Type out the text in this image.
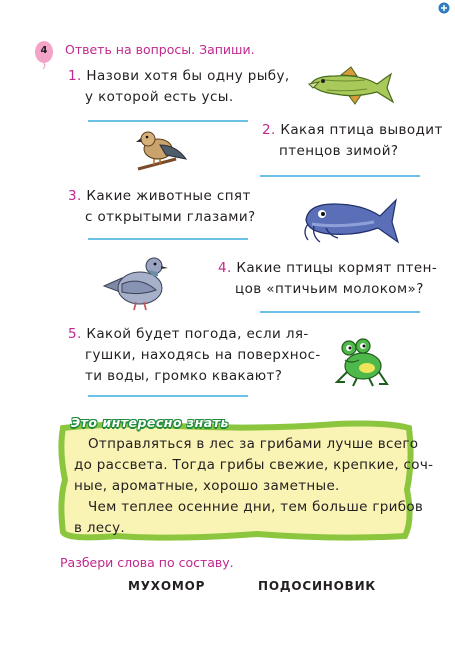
4	Ответь на вопросы. Запиши.
1. Назови хотя бы одну рыбу,
у которой есть усы.
2. Какая птица выводит
птенцов зимой?
3. Какие животные спят
с открытыми глазами?
4. Какие птицы кормят птен-
цов «птичьим молоком»?
5. Какой будет погода, если ля-
гушки, находясь на поверхнос-
ти воды, громко квакают?
Это интересно знать
Отправляться в лес за грибами лучше всего
до рассвета. Тогда грибы свежие, крепкие, соч-
ные, ароматные, хорошо заметные.
Чем теплее осенние дни, тем больше грибов
в лесу.
Разбери слова по составу.
МУХОМОР	ПОДОСИНОВИК
